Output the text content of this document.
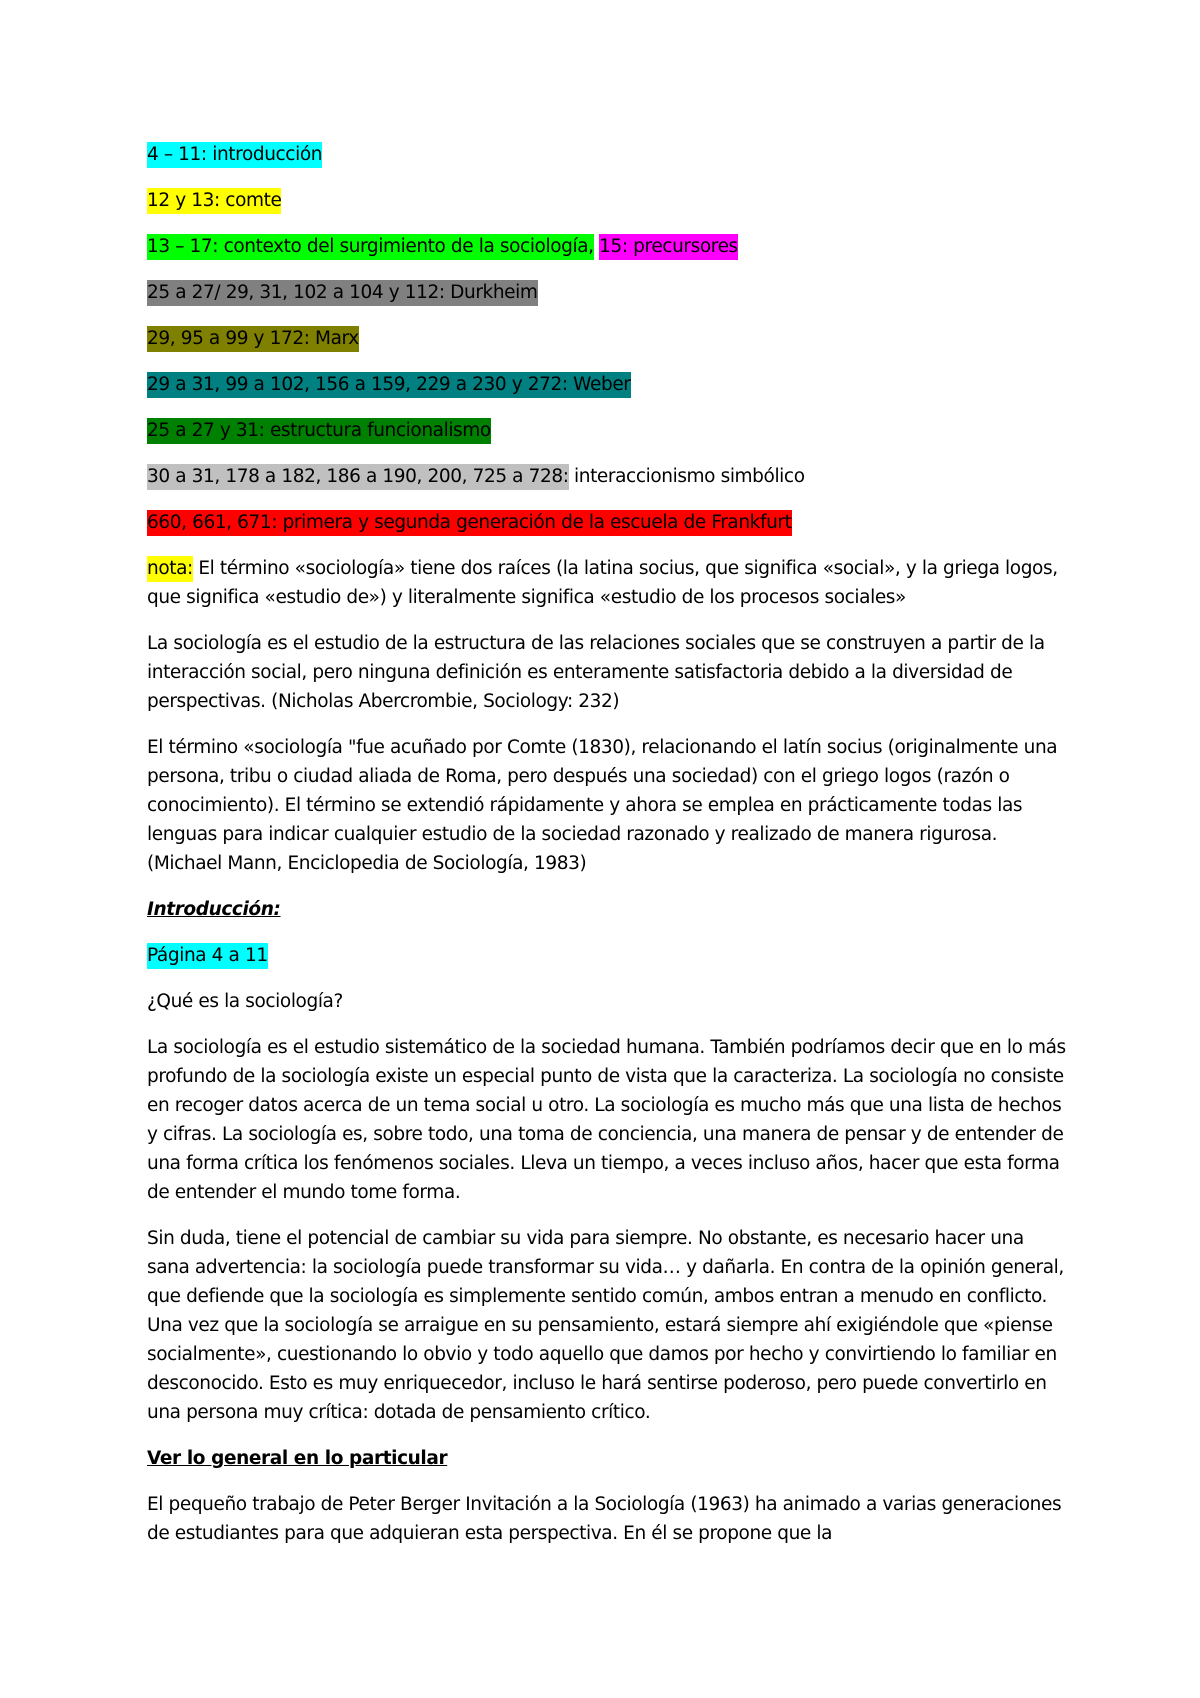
4 – 11: introducción

12 y 13: comte

13 – 17: contexto del surgimiento de la sociología, 15: precursores

25 a 27/ 29, 31, 102 a 104 y 112: Durkheim

29, 95 a 99 y 172: Marx

29 a 31, 99 a 102, 156 a 159, 229 a 230 y 272: Weber

25 a 27 y 31: estructura funcionalismo

30 a 31, 178 a 182, 186 a 190, 200, 725 a 728: interaccionismo simbólico

660, 661, 671: primera y segunda generación de la escuela de Frankfurt

nota: El término «sociología» tiene dos raíces (la latina socius, que significa «social», y la griega logos, que significa «estudio de») y literalmente significa «estudio de los procesos sociales»

La sociología es el estudio de la estructura de las relaciones sociales que se construyen a partir de la interacción social, pero ninguna definición es enteramente satisfactoria debido a la diversidad de perspectivas. (Nicholas Abercrombie, Sociology: 232)

El término «sociología "fue acuñado por Comte (1830), relacionando el latín socius (originalmente una persona, tribu o ciudad aliada de Roma, pero después una sociedad) con el griego logos (razón o conocimiento). El término se extendió rápidamente y ahora se emplea en prácticamente todas las lenguas para indicar cualquier estudio de la sociedad razonado y realizado de manera rigurosa. (Michael Mann, Enciclopedia de Sociología, 1983)

Introducción:

Página 4 a 11

¿Qué es la sociología?

La sociología es el estudio sistemático de la sociedad humana. También podríamos decir que en lo más profundo de la sociología existe un especial punto de vista que la caracteriza. La sociología no consiste en recoger datos acerca de un tema social u otro. La sociología es mucho más que una lista de hechos y cifras. La sociología es, sobre todo, una toma de conciencia, una manera de pensar y de entender de una forma crítica los fenómenos sociales. Lleva un tiempo, a veces incluso años, hacer que esta forma de entender el mundo tome forma.

Sin duda, tiene el potencial de cambiar su vida para siempre. No obstante, es necesario hacer una sana advertencia: la sociología puede transformar su vida… y dañarla. En contra de la opinión general, que defiende que la sociología es simplemente sentido común, ambos entran a menudo en conflicto. Una vez que la sociología se arraigue en su pensamiento, estará siempre ahí exigiéndole que «piense socialmente», cuestionando lo obvio y todo aquello que damos por hecho y convirtiendo lo familiar en desconocido. Esto es muy enriquecedor, incluso le hará sentirse poderoso, pero puede convertirlo en una persona muy crítica: dotada de pensamiento crítico.

Ver lo general en lo particular

El pequeño trabajo de Peter Berger Invitación a la Sociología (1963) ha animado a varias generaciones de estudiantes para que adquieran esta perspectiva. En él se propone que la
